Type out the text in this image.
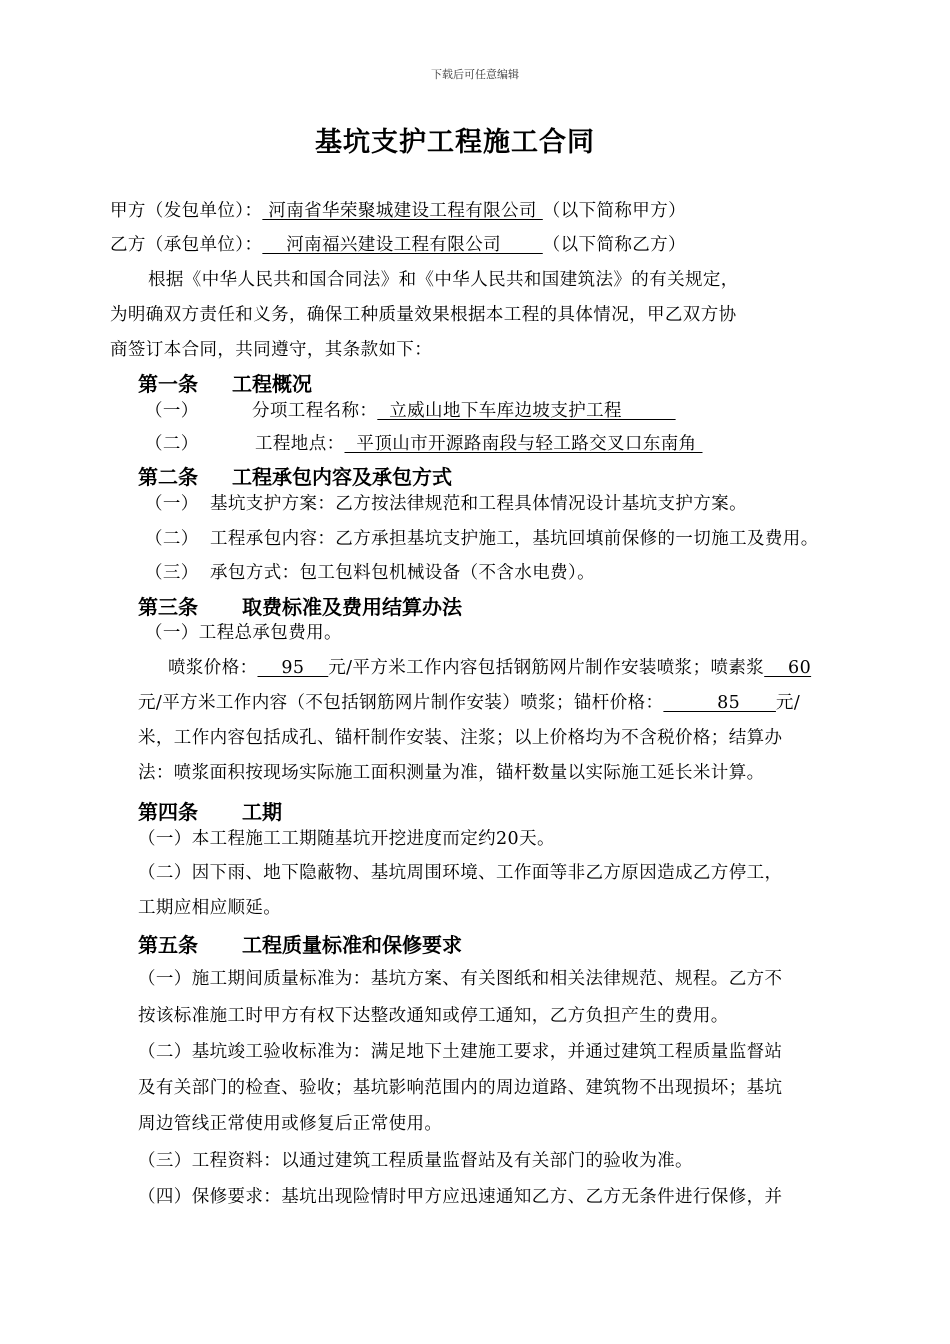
下载后可任意编辑
基坑支护工程施工合同
甲方（发包单位）： 河南省华荣聚城建设工程有限公司 （以下简称甲方）
乙方（承包单位）：    河南福兴建设工程有限公司       （以下简称乙方）
根据《中华人民共和国合同法》和《中华人民共和国建筑法》的有关规定，
为明确双方责任和义务，确保工种质量效果根据本工程的具体情况，甲乙双方协
商签订本合同，共同遵守，其条款如下：
第一条 工程概况
（一）	分项工程名称：  立威山地下车库边坡支护工程
（二）	工程地点：  平顶山市开源路南段与轻工路交叉口东南角
第二条 工程承包内容及承包方式
（一） 基坑支护方案：乙方按法律规范和工程具体情况设计基坑支护方案。
（二） 工程承包内容：乙方承担基坑支护施工，基坑回填前保修的一切施工及费用。
（三） 承包方式：包工包料包机械设备（不含水电费）。
第三条 取费标准及费用结算办法
（一）工程总承包费用。
喷浆价格：    95    元/平方米工作内容包括钢筋网片制作安装喷浆；喷素浆    60
元/平方米工作内容（不包括钢筋网片制作安装）喷浆；锚杆价格：         85      元/
米，工作内容包括成孔、锚杆制作安装、注浆；以上价格均为不含税价格；结算办
法：喷浆面积按现场实际施工面积测量为准，锚杆数量以实际施工延长米计算。
第四条 工期
（一）本工程施工工期随基坑开挖进度而定约20天。
（二）因下雨、地下隐蔽物、基坑周围环境、工作面等非乙方原因造成乙方停工，
工期应相应顺延。
第五条 工程质量标准和保修要求
（一）施工期间质量标准为：基坑方案、有关图纸和相关法律规范、规程。乙方不
按该标准施工时甲方有权下达整改通知或停工通知，乙方负担产生的费用。
（二）基坑竣工验收标准为：满足地下土建施工要求，并通过建筑工程质量监督站
及有关部门的检查、验收；基坑影响范围内的周边道路、建筑物不出现损坏；基坑
周边管线正常使用或修复后正常使用。
（三）工程资料：以通过建筑工程质量监督站及有关部门的验收为准。
（四）保修要求：基坑出现险情时甲方应迅速通知乙方、乙方无条件进行保修，并
